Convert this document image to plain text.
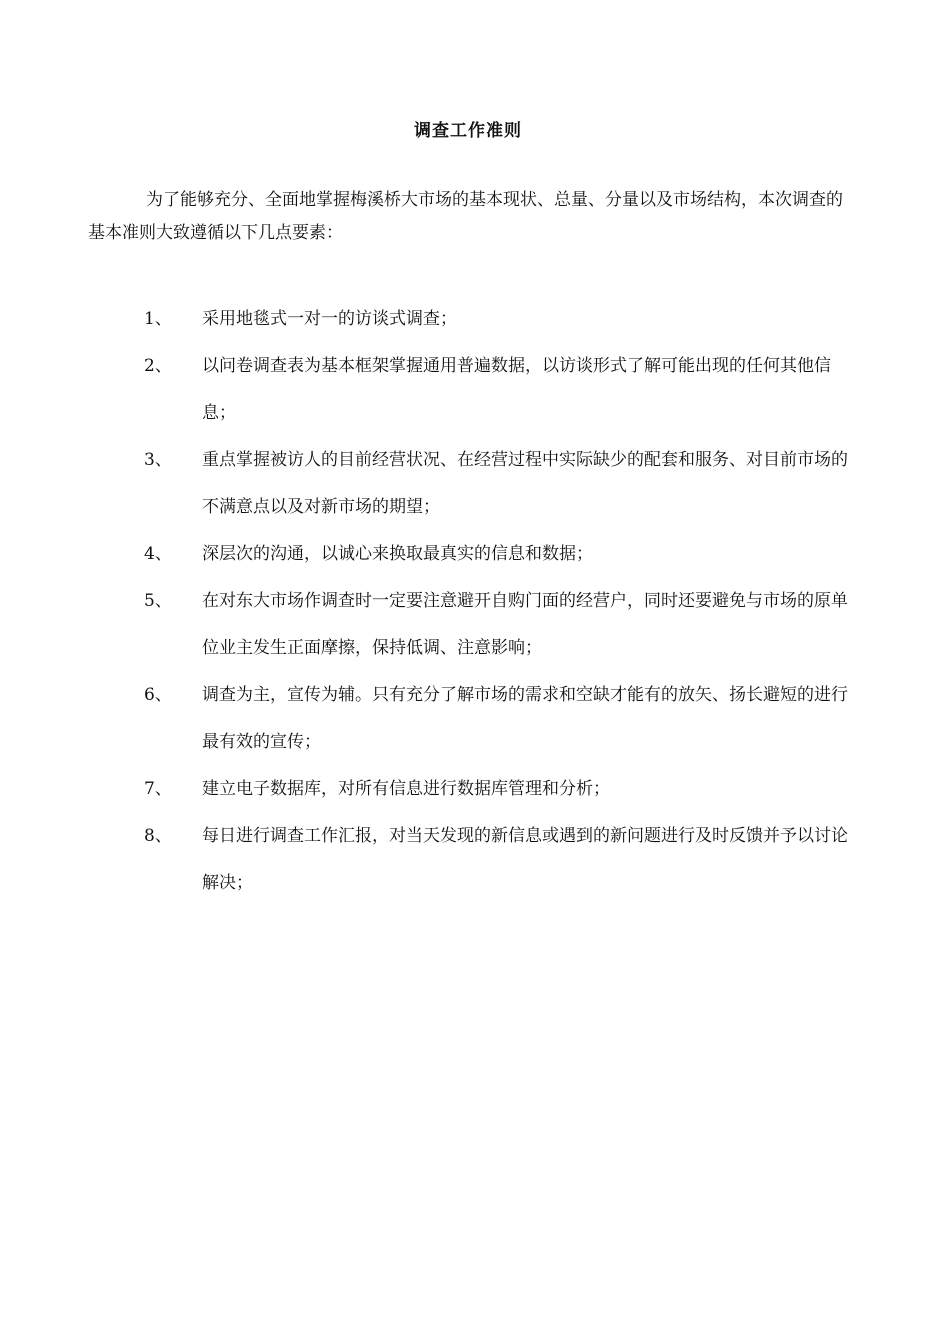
调查工作准则
为了能够充分、全面地掌握梅溪桥大市场的基本现状、总量、分量以及市场结构，本次调查的基本准则大致遵循以下几点要素：
1、 采用地毯式一对一的访谈式调查；
2、 以问卷调查表为基本框架掌握通用普遍数据，以访谈形式了解可能出现的任何其他信息；
3、 重点掌握被访人的目前经营状况、在经营过程中实际缺少的配套和服务、对目前市场的不满意点以及对新市场的期望；
4、 深层次的沟通，以诚心来换取最真实的信息和数据；
5、 在对东大市场作调查时一定要注意避开自购门面的经营户，同时还要避免与市场的原单位业主发生正面摩擦，保持低调、注意影响；
6、 调查为主，宣传为辅。只有充分了解市场的需求和空缺才能有的放矢、扬长避短的进行最有效的宣传；
7、 建立电子数据库，对所有信息进行数据库管理和分析；
8、 每日进行调查工作汇报，对当天发现的新信息或遇到的新问题进行及时反馈并予以讨论解决；
